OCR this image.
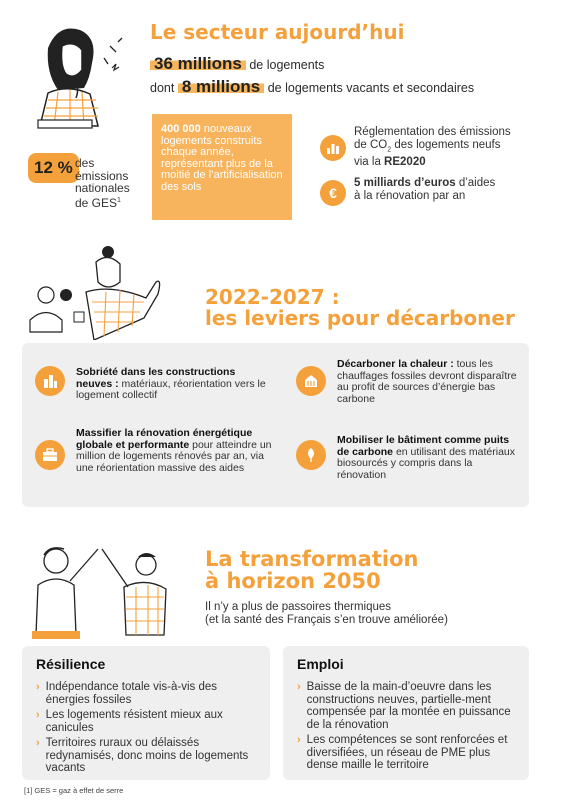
Le secteur aujourd’hui
36 millions de logements
dont 8 millions de logements vacants et secondaires
12 % des
émissions
nationales
de GES$^1$
400 000 nouveaux logements construits chaque année, représentant plus de la moitié de l’artificialisation des sols
Réglementation des émissions
de $CO_2$ des logements neufs
via la RE2020
€
5 milliards d’euros d’aides
à la rénovation par an
2022-2027 :
les leviers pour décarboner
Sobriété dans les constructions neuves : matériaux, réorientation vers le logement collectif
Décarboner la chaleur : tous les chauffages fossiles devront disparaître au profit de sources d’énergie bas carbone
Massifier la rénovation énergétique globale et performante pour atteindre un million de logements rénovés par an, via une réorientation massive des aides
Mobiliser le bâtiment comme puits de carbone en utilisant des matériaux biosourcés y compris dans la rénovation
La transformation
à horizon 2050
Il n’y a plus de passoires thermiques
(et la santé des Français s’en trouve améliorée)
Résilience
› Indépendance totale vis-à-vis des énergies fossiles
› Les logements résistent mieux aux canicules
› Territoires ruraux ou délaissés redynamisés, donc moins de logements vacants
Emploi
› Baisse de la main-d’oeuvre dans les constructions neuves, partielle-ment compensée par la montée en puissance de la rénovation
› Les compétences se sont renforcées et diversifiées, un réseau de PME plus dense maille le territoire
[1] GES = gaz à effet de serre
